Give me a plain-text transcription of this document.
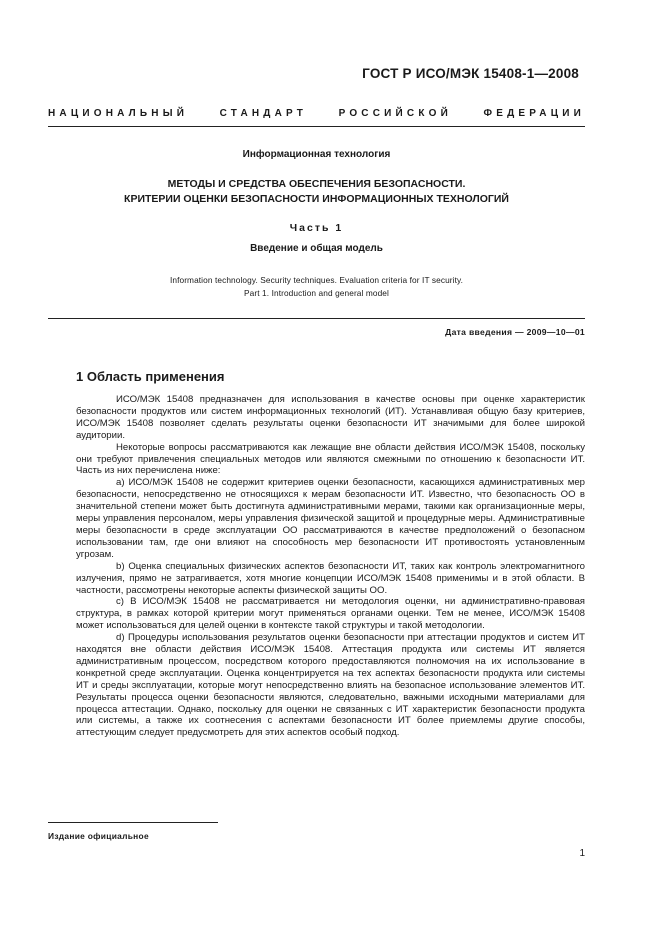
ГОСТ Р ИСО/МЭК 15408-1—2008
НАЦИОНАЛЬНЫЙ СТАНДАРТ РОССИЙСКОЙ ФЕДЕРАЦИИ
Информационная технология
МЕТОДЫ И СРЕДСТВА ОБЕСПЕЧЕНИЯ БЕЗОПАСНОСТИ.
КРИТЕРИИ ОЦЕНКИ БЕЗОПАСНОСТИ ИНФОРМАЦИОННЫХ ТЕХНОЛОГИЙ
Часть 1
Введение и общая модель
Information technology. Security techniques. Evaluation criteria for IT security.
Part 1. Introduction and general model
Дата введения — 2009—10—01
1 Область применения

ИСО/МЭК 15408 предназначен для использования в качестве основы при оценке характеристик безопасности продуктов или систем информационных технологий (ИТ). Устанавливая общую базу критериев, ИСО/МЭК 15408 позволяет сделать результаты оценки безопасности ИТ значимыми для более широкой аудитории.

Некоторые вопросы рассматриваются как лежащие вне области действия ИСО/МЭК 15408, поскольку они требуют привлечения специальных методов или являются смежными по отношению к безопасности ИТ. Часть из них перечислена ниже:

а) ИСО/МЭК 15408 не содержит критериев оценки безопасности, касающихся административных мер безопасности, непосредственно не относящихся к мерам безопасности ИТ. Известно, что безопасность ОО в значительной степени может быть достигнута административными мерами, такими как организационные меры, меры управления персоналом, меры управления физической защитой и процедурные меры. Административные меры безопасности в среде эксплуатации ОО рассматриваются в качестве предположений о безопасном использовании там, где они влияют на способность мер безопасности ИТ противостоять установленным угрозам.

b) Оценка специальных физических аспектов безопасности ИТ, таких как контроль электромагнитного излучения, прямо не затрагивается, хотя многие концепции ИСО/МЭК 15408 применимы и в этой области. В частности, рассмотрены некоторые аспекты физической защиты ОО.

c) В ИСО/МЭК 15408 не рассматривается ни методология оценки, ни административно-правовая структура, в рамках которой критерии могут применяться органами оценки. Тем не менее, ИСО/МЭК 15408 может использоваться для целей оценки в контексте такой структуры и такой методологии.

d) Процедуры использования результатов оценки безопасности при аттестации продуктов и систем ИТ находятся вне области действия ИСО/МЭК 15408. Аттестация продукта или системы ИТ является административным процессом, посредством которого предоставляются полномочия на их использование в конкретной среде эксплуатации. Оценка концентрируется на тех аспектах безопасности продукта или системы ИТ и среды эксплуатации, которые могут непосредственно влиять на безопасное использование элементов ИТ. Результаты процесса оценки безопасности являются, следовательно, важными исходными материалами для процесса аттестации. Однако, поскольку для оценки не связанных с ИТ характеристик безопасности продукта или системы, а также их соотнесения с аспектами безопасности ИТ более приемлемы другие способы, аттестующим следует предусмотреть для этих аспектов особый подход.

Издание официальное
1
